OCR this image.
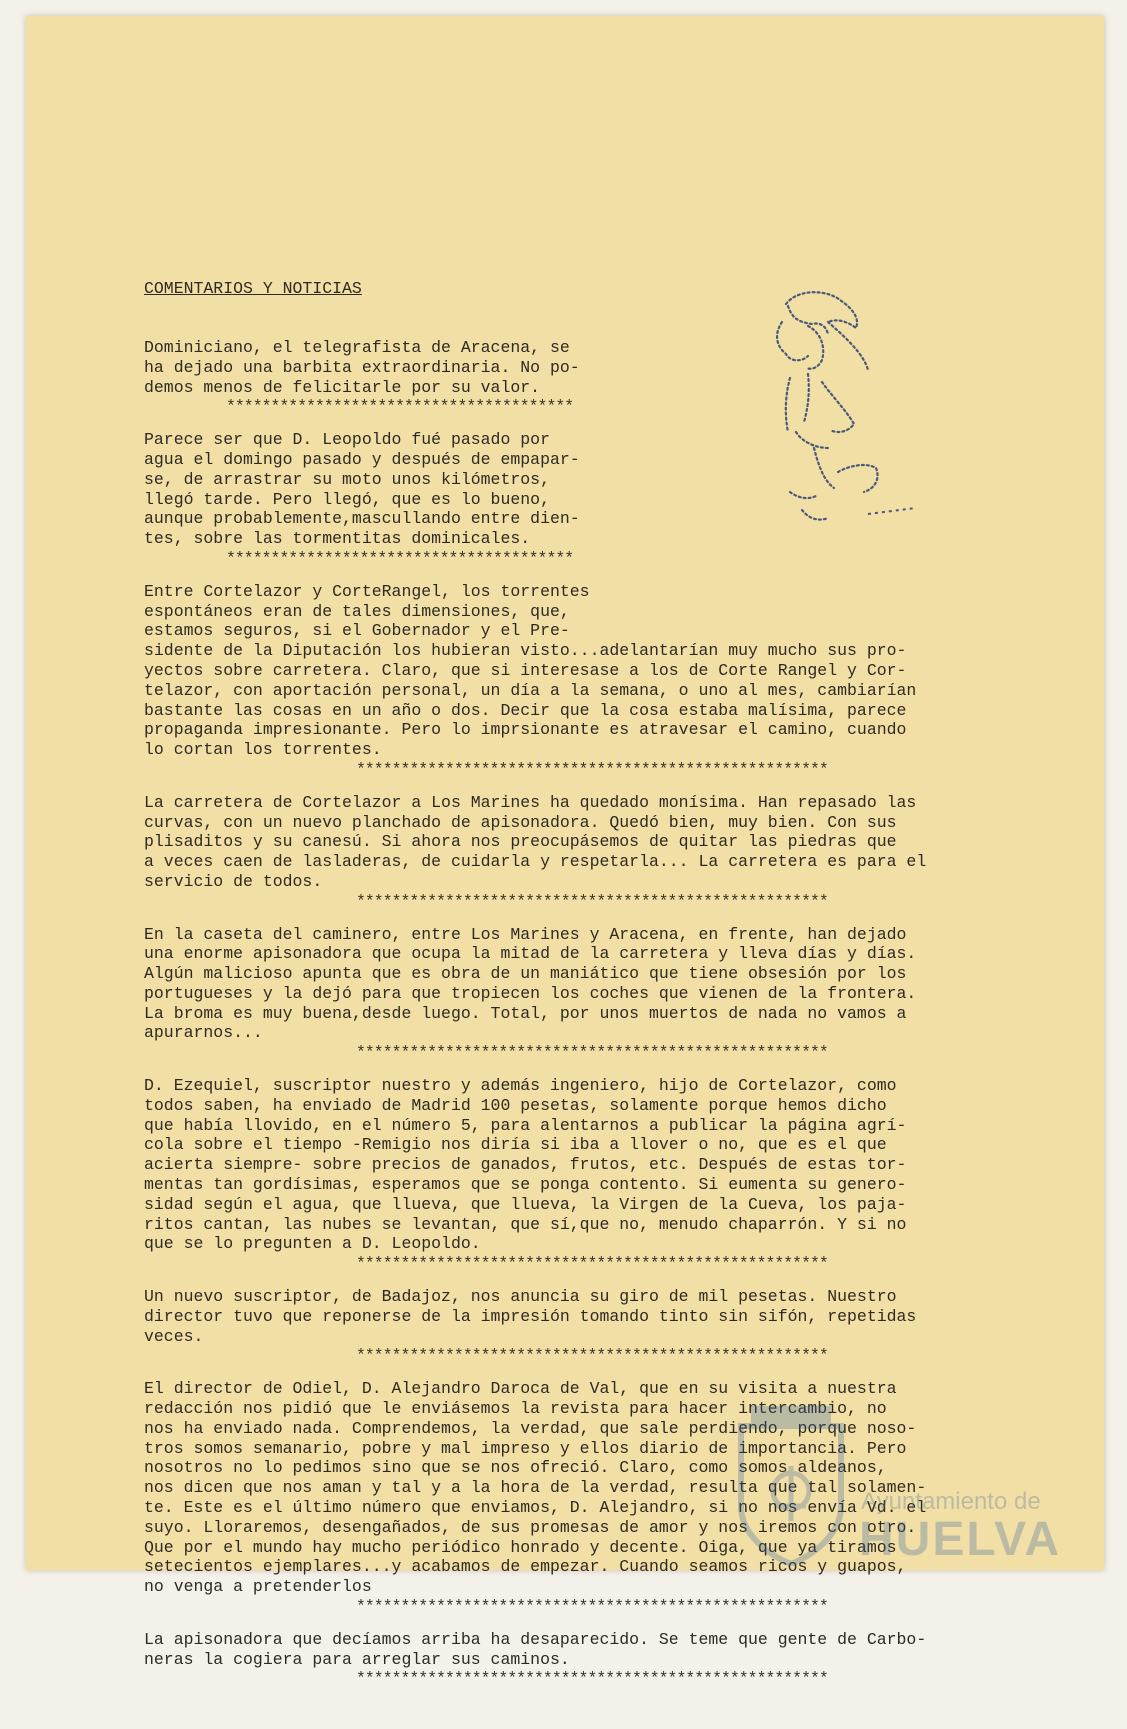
COMENTARIOS Y NOTICIAS

Dominiciano, el telegrafista de Aracena, se
ha dejado una barbita extraordinaria. No po-
demos menos de felicitarle por su valor.
***************************************
Parece ser que D. Leopoldo fué pasado por
agua el domingo pasado y después de empapar-
se, de arrastrar su moto unos kilómetros,
llegó tarde. Pero llegó, que es lo bueno,
aunque probablemente,mascullando entre dien-
tes, sobre las tormentitas dominicales.
***************************************
Entre Cortelazor y CorteRangel, los torrentes
espontáneos eran de tales dimensiones, que,
estamos seguros, si el Gobernador y el Pre-
sidente de la Diputación los hubieran visto...adelantarían muy mucho sus pro-
yectos sobre carretera. Claro, que si interesase a los de Corte Rangel y Cor-
telazor, con aportación personal, un día a la semana, o uno al mes, cambiarían
bastante las cosas en un año o dos. Decir que la cosa estaba malísima, parece
propaganda impresionante. Pero lo imprsionante es atravesar el camino, cuando
lo cortan los torrentes.
*****************************************************
La carretera de Cortelazor a Los Marines ha quedado monísima. Han repasado las
curvas, con un nuevo planchado de apisonadora. Quedó bien, muy bien. Con sus
plisaditos y su canesú. Si ahora nos preocupásemos de quitar las piedras que
a veces caen de lasladeras, de cuidarla y respetarla... La carretera es para el
servicio de todos.
*****************************************************
En la caseta del caminero, entre Los Marines y Aracena, en frente, han dejado
una enorme apisonadora que ocupa la mitad de la carretera y lleva días y días.
Algún malicioso apunta que es obra de un maniático que tiene obsesión por los
portugueses y la dejó para que tropiecen los coches que vienen de la frontera.
La broma es muy buena,desde luego. Total, por unos muertos de nada no vamos a
apurarnos...
*****************************************************
D. Ezequiel, suscriptor nuestro y además ingeniero, hijo de Cortelazor, como
todos saben, ha enviado de Madrid 100 pesetas, solamente porque hemos dicho
que había llovido, en el número 5, para alentarnos a publicar la página agrí-
cola sobre el tiempo -Remigio nos diría si iba a llover o no, que es el que
acierta siempre- sobre precios de ganados, frutos, etc. Después de estas tor-
mentas tan gordísimas, esperamos que se ponga contento. Si eumenta su genero-
sidad según el agua, que llueva, que llueva, la Virgen de la Cueva, los paja-
ritos cantan, las nubes se levantan, que sí,que no, menudo chaparrón. Y si no
que se lo pregunten a D. Leopoldo.
*****************************************************
Un nuevo suscriptor, de Badajoz, nos anuncia su giro de mil pesetas. Nuestro
director tuvo que reponerse de la impresión tomando tinto sin sifón, repetidas
veces.
*****************************************************
El director de Odiel, D. Alejandro Daroca de Val, que en su visita a nuestra
redacción nos pidió que le enviásemos la revista para hacer intercambio, no
nos ha enviado nada. Comprendemos, la verdad, que sale perdiendo, porque noso-
tros somos semanario, pobre y mal impreso y ellos diario de importancia. Pero
nosotros no lo pedimos sino que se nos ofreció. Claro, como somos aldeanos,
nos dicen que nos aman y tal y a la hora de la verdad, resulta que tal solamen-
te. Este es el último número que enviamos, D. Alejandro, si no nos envía Vd. el
suyo. Lloraremos, desengañados, de sus promesas de amor y nos iremos con otro.
Que por el mundo hay mucho periódico honrado y decente. Oiga, que ya tiramos
setecientos ejemplares...y acabamos de empezar. Cuando seamos ricos y guapos,
no venga a pretenderlos
*****************************************************
La apisonadora que decíamos arriba ha desaparecido. Se teme que gente de Carbo-
neras la cogiera para arreglar sus caminos.
*****************************************************

Ayuntamiento de
HUELVA
